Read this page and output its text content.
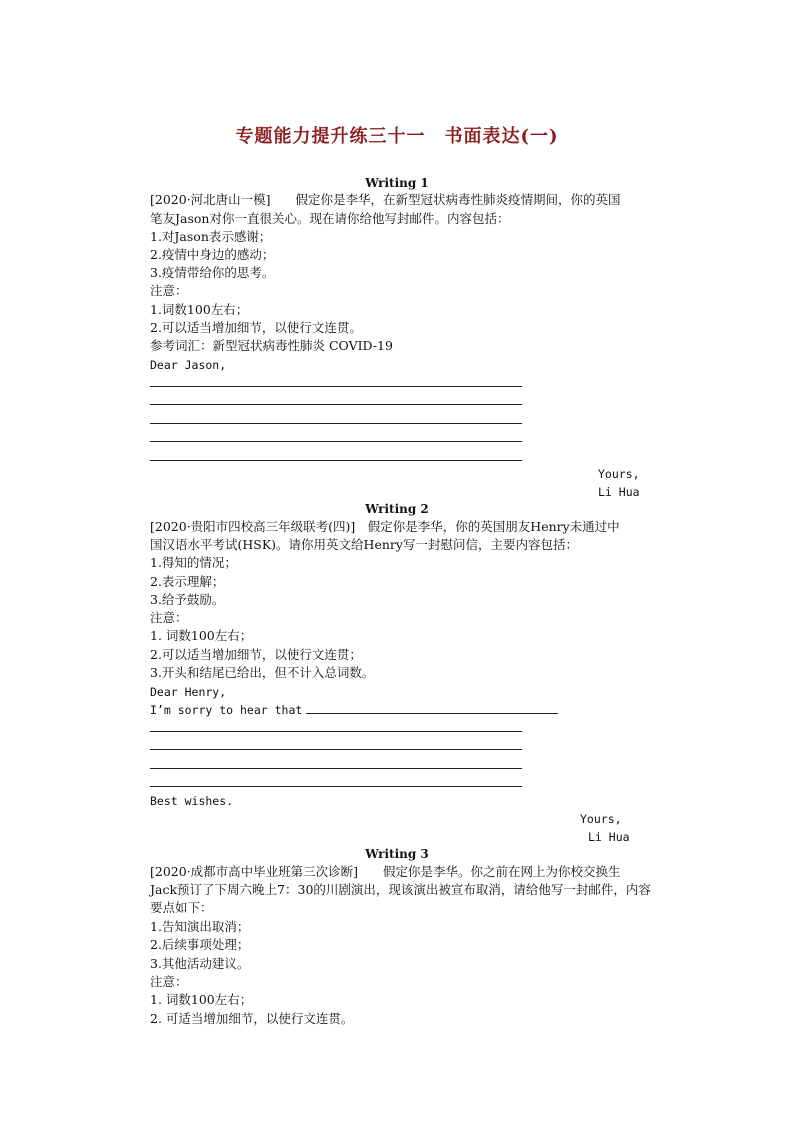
专题能力提升练三十一　书面表达(一)
Writing 1
[2020·河北唐山一模]　　假定你是李华，在新型冠状病毒性肺炎疫情期间，你的英国
笔友Jason对你一直很关心。现在请你给他写封邮件。内容包括：
1.对Jason表示感谢；
2.疫情中身边的感动；
3.疫情带给你的思考。
注意：
1.词数100左右；
2.可以适当增加细节，以使行文连贯。
参考词汇：新型冠状病毒性肺炎 COVID-19
Dear Jason,
Yours,
Li Hua
Writing 2
[2020·贵阳市四校高三年级联考(四)]　假定你是李华，你的英国朋友Henry未通过中
国汉语水平考试(HSK)。请你用英文给Henry写一封慰问信，主要内容包括：
1.得知的情况；
2.表示理解；
3.给予鼓励。
注意：
1. 词数100左右；
2.可以适当增加细节，以使行文连贯；
3.开头和结尾已给出，但不计入总词数。
Dear Henry,
I’m sorry to hear that
Best wishes.
Yours,
Li Hua
Writing 3
[2020·成都市高中毕业班第三次诊断]　　假定你是李华。你之前在网上为你校交换生
Jack预订了下周六晚上7：30的川剧演出，现该演出被宣布取消，请给他写一封邮件，内容
要点如下：
1.告知演出取消；
2.后续事项处理；
3.其他活动建议。
注意：
1. 词数100左右；
2. 可适当增加细节，以使行文连贯。
